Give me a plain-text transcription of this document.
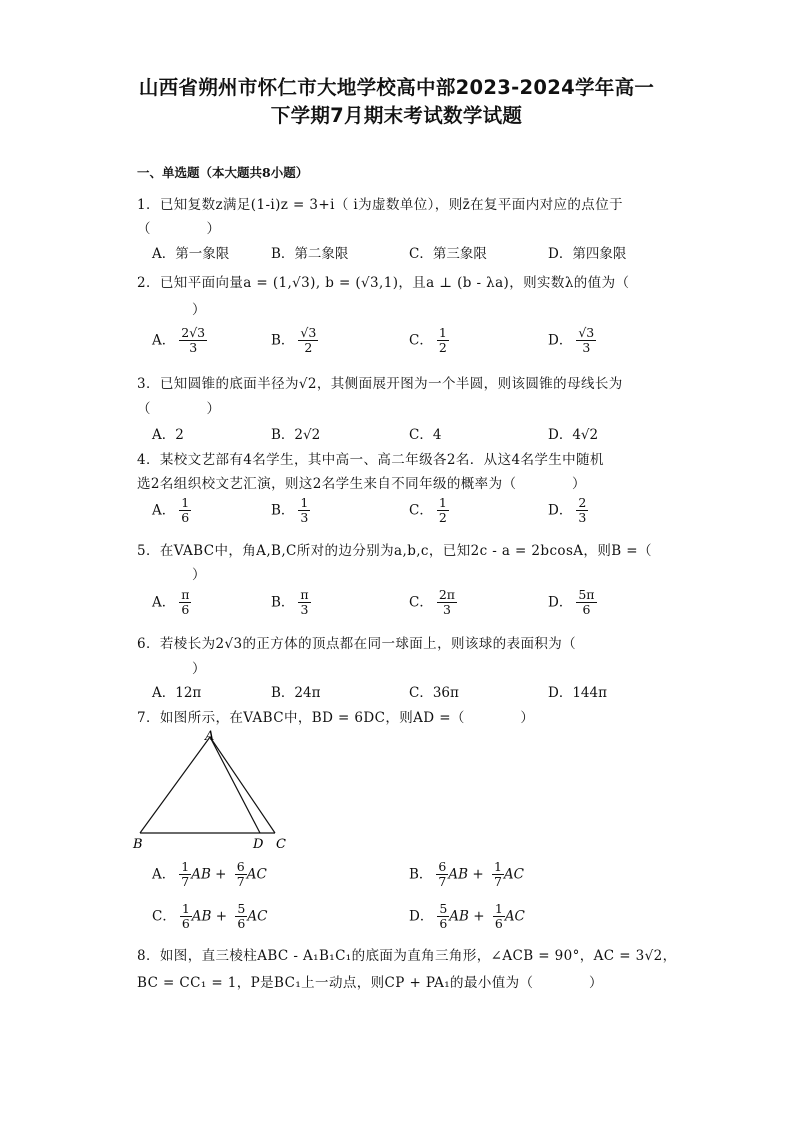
山西省朔州市怀仁市大地学校高中部2023-2024学年高一
下学期7月期末考试数学试题
一、单选题（本大题共8小题）
1．已知复数z满足(1-i)z = 3+i（ i为虚数单位），则z̄在复平面内对应的点位于
（　　　　）
A．第一象限	B．第二象限	C．第三象限	D．第四象限
2．已知平面向量a = (1,√3), b = (√3,1)，且a ⊥ (b - λa)，则实数λ的值为（
）
A． $\frac{2√3}{3}$	B． $\frac{√3}{2}$	C． $\frac{1}{2}$	D． $\frac{√3}{3}$
3．已知圆锥的底面半径为√2，其侧面展开图为一个半圆，则该圆锥的母线长为
（　　　　）
A．2	B．2√2	C．4	D．4√2
4．某校文艺部有4名学生，其中高一、高二年级各2名．从这4名学生中随机
选2名组织校文艺汇演，则这2名学生来自不同年级的概率为（　　　　）
A． $\frac{1}{6}$	B． $\frac{1}{3}$	C． $\frac{1}{2}$	D． $\frac{2}{3}$
5．在VABC中，角A,B,C所对的边分别为a,b,c，已知2c - a = 2bcosA，则B =（
）
A． $\frac{\pi}{6}$	B． $\frac{\pi}{3}$	C． $\frac{2\pi}{3}$	D． $\frac{5\pi}{6}$
6．若棱长为2√3的正方体的顶点都在同一球面上，则该球的表面积为（
）
A．12π	B．24π	C．36π	D．144π
7．如图所示，在VABC中，BD = 6DC，则AD =（　　　　）
A
B	D C
A． $\frac{1}{7}$ AB + $\frac{6}{7}$ AC	B． $\frac{6}{7}$ AB + $\frac{1}{7}$ AC
C． $\frac{1}{6}$ AB + $\frac{5}{6}$ AC	D． $\frac{5}{6}$ AB + $\frac{1}{6}$ AC
8．如图，直三棱柱ABC - A₁B₁C₁的底面为直角三角形，∠ACB = 90°，AC = 3√2，
BC = CC₁ = 1，P是BC₁上一动点，则CP + PA₁的最小值为（　　　　）
